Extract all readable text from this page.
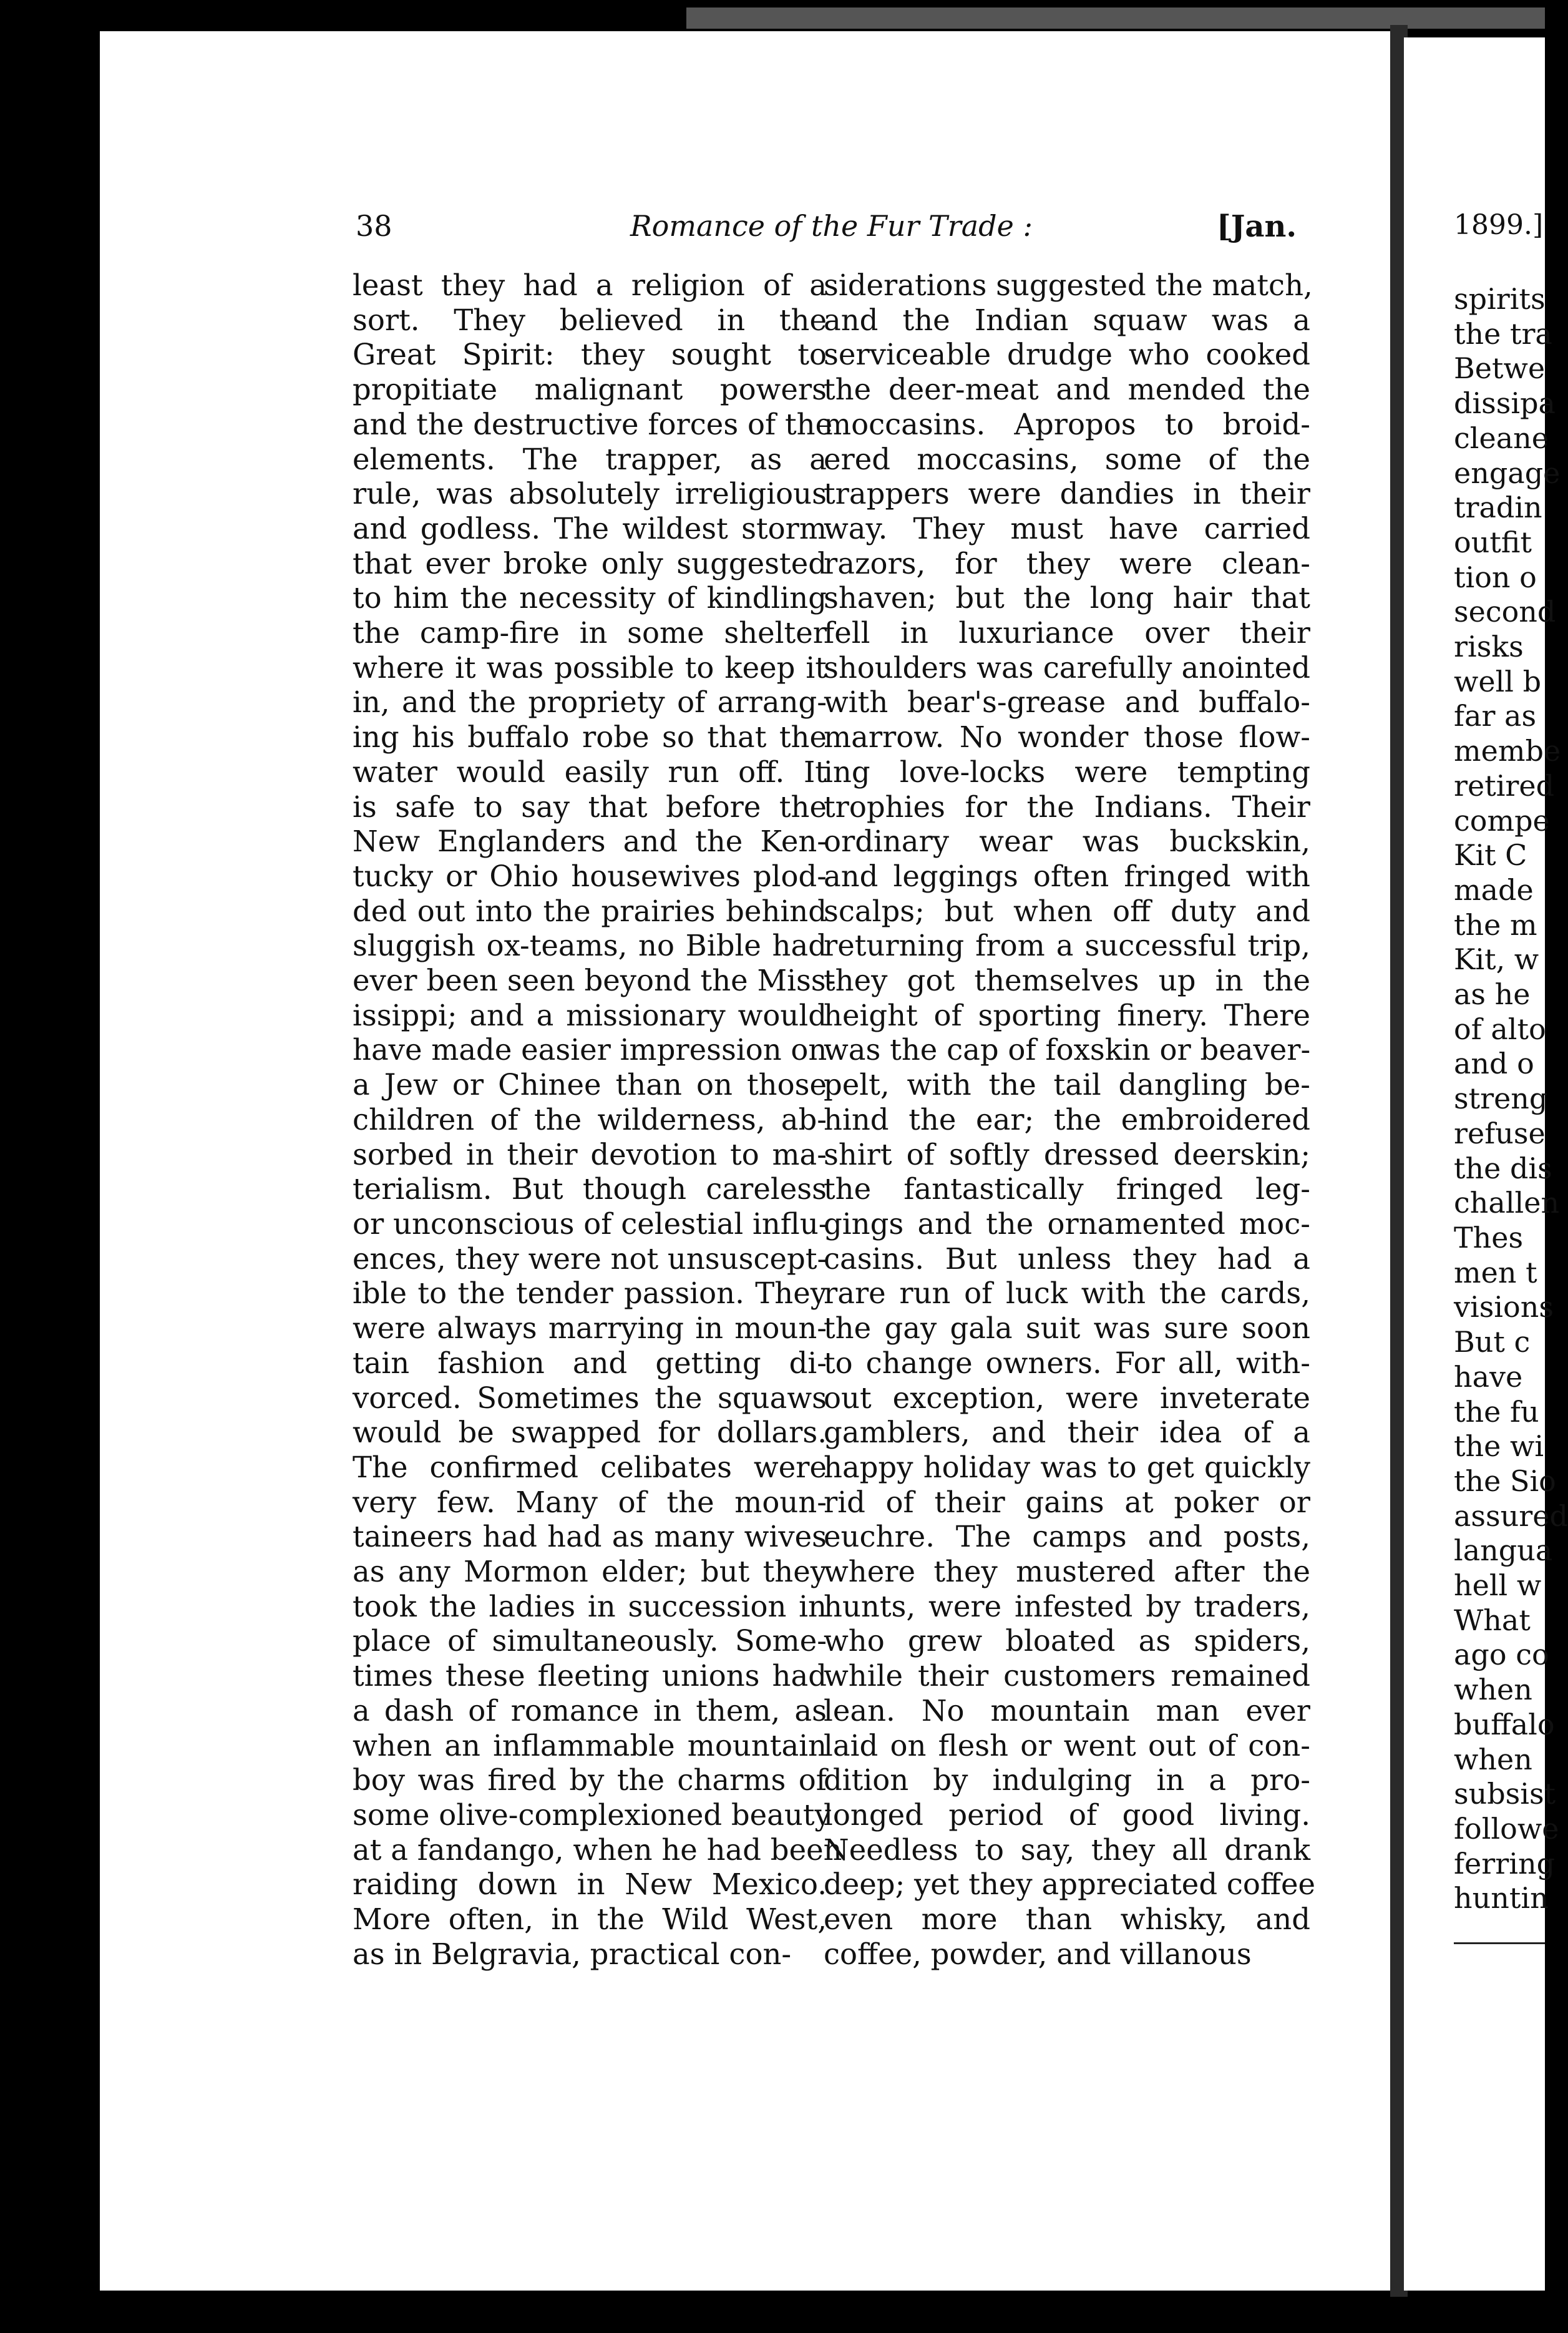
38	Romance of the Fur Trade :	[Jan.	1899.]
least they had a religion of a
sort. They believed in the
Great Spirit: they sought to
propitiate malignant powers
and the destructive forces of the
elements. The trapper, as a
rule, was absolutely irreligious
and godless. The wildest storm
that ever broke only suggested
to him the necessity of kindling
the camp-fire in some shelter
where it was possible to keep it
in, and the propriety of arrang-
ing his buffalo robe so that the
water would easily run off. It
is safe to say that before the
New Englanders and the Ken-
tucky or Ohio housewives plod-
ded out into the prairies behind
sluggish ox-teams, no Bible had
ever been seen beyond the Miss-
issippi; and a missionary would
have made easier impression on
a Jew or Chinee than on those
children of the wilderness, ab-
sorbed in their devotion to ma-
terialism. But though careless
or unconscious of celestial influ-
ences, they were not unsuscept-
ible to the tender passion. They
were always marrying in moun-
tain fashion and getting di-
vorced. Sometimes the squaws
would be swapped for dollars.
The confirmed celibates were
very few. Many of the moun-
taineers had had as many wives
as any Mormon elder; but they
took the ladies in succession in
place of simultaneously. Some-
times these fleeting unions had
a dash of romance in them, as
when an inflammable mountain
boy was fired by the charms of
some olive-complexioned beauty
at a fandango, when he had been
raiding down in New Mexico.
More often, in the Wild West,
as in Belgravia, practical con-
siderations suggested the match,
and the Indian squaw was a
serviceable drudge who cooked
the deer-meat and mended the
moccasins. Apropos to broid-
ered moccasins, some of the
trappers were dandies in their
way. They must have carried
razors, for they were clean-
shaven; but the long hair that
fell in luxuriance over their
shoulders was carefully anointed
with bear's-grease and buffalo-
marrow. No wonder those flow-
ing love-locks were tempting
trophies for the Indians. Their
ordinary wear was buckskin,
and leggings often fringed with
scalps; but when off duty and
returning from a successful trip,
they got themselves up in the
height of sporting finery. There
was the cap of foxskin or beaver-
pelt, with the tail dangling be-
hind the ear; the embroidered
shirt of softly dressed deerskin;
the fantastically fringed leg-
gings and the ornamented moc-
casins. But unless they had a
rare run of luck with the cards,
the gay gala suit was sure soon
to change owners. For all, with-
out exception, were inveterate
gamblers, and their idea of a
happy holiday was to get quickly
rid of their gains at poker or
euchre. The camps and posts,
where they mustered after the
hunts, were infested by traders,
who grew bloated as spiders,
while their customers remained
lean. No mountain man ever
laid on flesh or went out of con-
dition by indulging in a pro-
longed period of good living.
Needless to say, they all drank
deep; yet they appreciated coffee
even more than whisky, and
coffee, powder, and villanous
spirits
the tra
Betwe
dissipa
cleane
engage
tradin
outfit
tion o
second
risks
well b
far as
membe
retired
compe
Kit C
made
the m
Kit, w
as he
of alto
and o
streng
refuse
the dis
challen
Thes
men t
visions
But c
have
the fu
the wi
the Sio
assured
langua
hell w
What
ago co
when
buffalo
when
subsist
followe
ferring
huntin
